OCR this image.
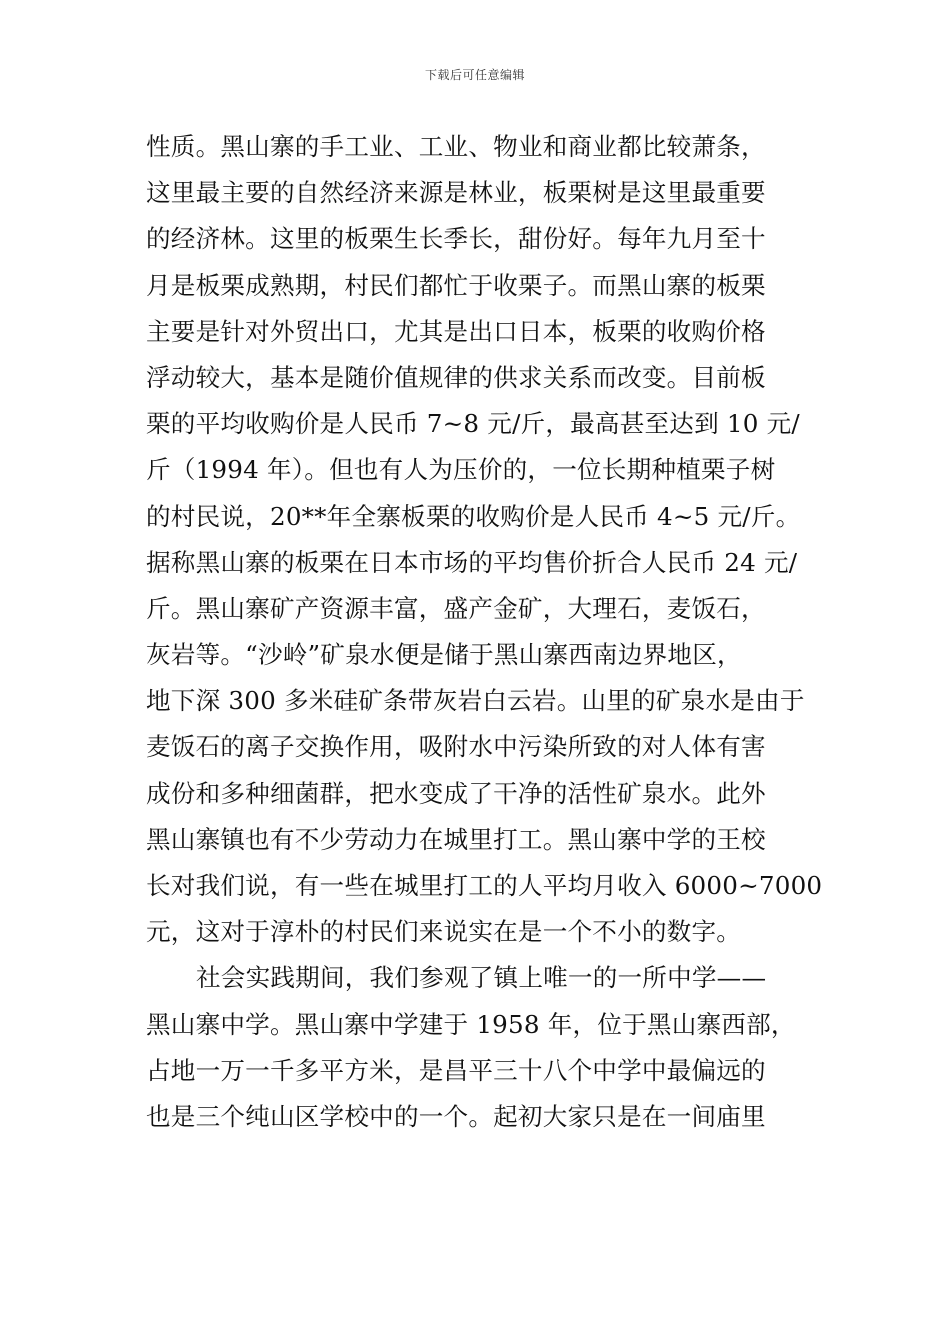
下载后可任意编辑
性质。黑山寨的手工业、工业、物业和商业都比较萧条，
这里最主要的自然经济来源是林业，板栗树是这里最重要
的经济林。这里的板栗生长季长，甜份好。每年九月至十
月是板栗成熟期，村民们都忙于收栗子。而黑山寨的板栗
主要是针对外贸出口，尤其是出口日本，板栗的收购价格
浮动较大，基本是随价值规律的供求关系而改变。目前板
栗的平均收购价是人民币 7~8 元/斤，最高甚至达到 10 元/
斤（1994 年）。但也有人为压价的，一位长期种植栗子树
的村民说，20**年全寨板栗的收购价是人民币 4~5 元/斤。
据称黑山寨的板栗在日本市场的平均售价折合人民币 24 元/
斤。黑山寨矿产资源丰富，盛产金矿，大理石，麦饭石，
灰岩等。“沙岭”矿泉水便是储于黑山寨西南边界地区，
地下深 300 多米硅矿条带灰岩白云岩。山里的矿泉水是由于
麦饭石的离子交换作用，吸附水中污染所致的对人体有害
成份和多种细菌群，把水变成了干净的活性矿泉水。此外
黑山寨镇也有不少劳动力在城里打工。黑山寨中学的王校
长对我们说，有一些在城里打工的人平均月收入 6000~7000
元，这对于淳朴的村民们来说实在是一个不小的数字。
社会实践期间，我们参观了镇上唯一的一所中学——
黑山寨中学。黑山寨中学建于 1958 年，位于黑山寨西部，
占地一万一千多平方米，是昌平三十八个中学中最偏远的
也是三个纯山区学校中的一个。起初大家只是在一间庙里
